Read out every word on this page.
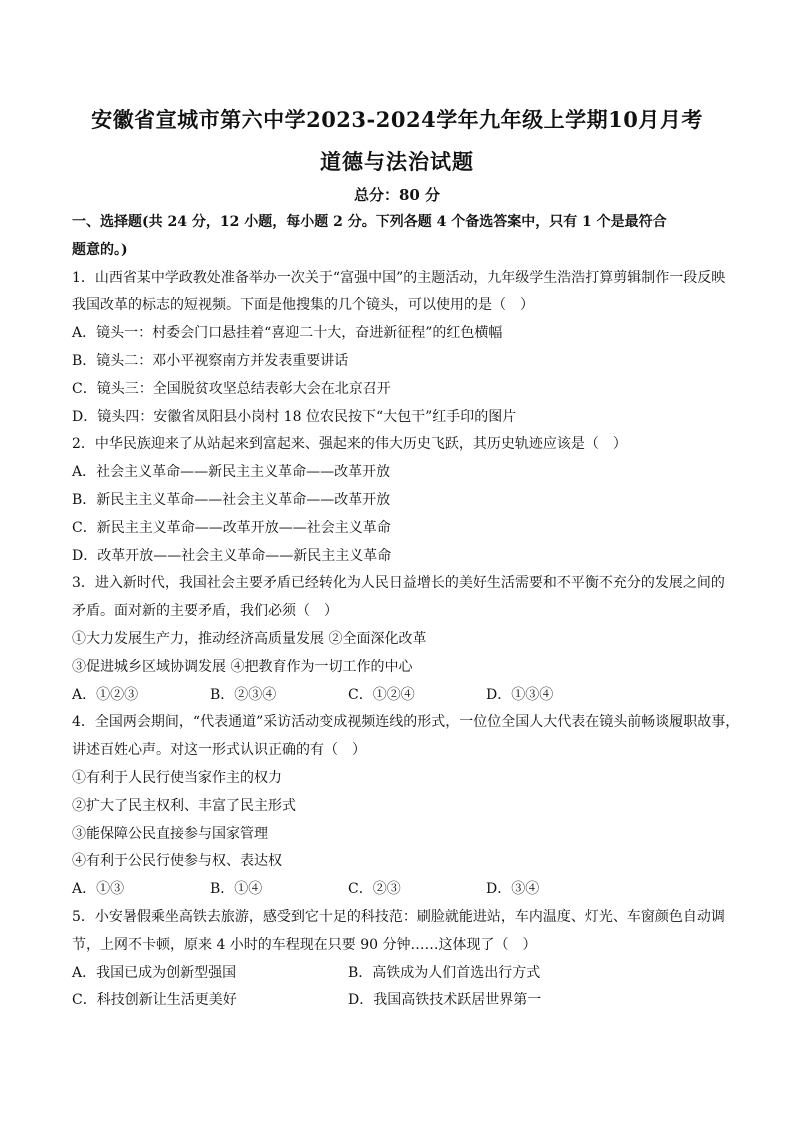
安徽省宣城市第六中学2023-2024学年九年级上学期10月月考
道德与法治试题
总分：80 分
一、选择题(共 24 分，12 小题，每小题 2 分。下列各题 4 个备选答案中，只有 1 个是最符合
题意的。)
1．山西省某中学政教处准备举办一次关于“富强中国”的主题活动，九年级学生浩浩打算剪辑制作一段反映
我国改革的标志的短视频。下面是他搜集的几个镜头，可以使用的是（　）
A．镜头一：村委会门口悬挂着“喜迎二十大，奋进新征程”的红色横幅
B．镜头二：邓小平视察南方并发表重要讲话
C．镜头三：全国脱贫攻坚总结表彰大会在北京召开
D．镜头四：安徽省凤阳县小岗村 18 位农民按下“大包干”红手印的图片
2．中华民族迎来了从站起来到富起来、强起来的伟大历史飞跃，其历史轨迹应该是（　）
A．社会主义革命——新民主主义革命——改革开放
B．新民主主义革命——社会主义革命——改革开放
C．新民主主义革命——改革开放——社会主义革命
D．改革开放——社会主义革命——新民主主义革命
3．进入新时代，我国社会主要矛盾已经转化为人民日益增长的美好生活需要和不平衡不充分的发展之间的
矛盾。面对新的主要矛盾，我们必须（　）
①大力发展生产力，推动经济高质量发展 ②全面深化改革
③促进城乡区域协调发展 ④把教育作为一切工作的中心
A．①②③	B．②③④	C．①②④	D．①③④
4．全国两会期间，“代表通道”采访活动变成视频连线的形式，一位位全国人大代表在镜头前畅谈履职故事，
讲述百姓心声。对这一形式认识正确的有（　）
①有利于人民行使当家作主的权力
②扩大了民主权利、丰富了民主形式
③能保障公民直接参与国家管理
④有利于公民行使参与权、表达权
A．①③	B．①④	C．②③	D．③④
5．小安暑假乘坐高铁去旅游，感受到它十足的科技范：刷脸就能进站，车内温度、灯光、车窗颜色自动调
节，上网不卡顿，原来 4 小时的车程现在只要 90 分钟……这体现了（　）
A．我国已成为创新型强国	B．高铁成为人们首选出行方式
C．科技创新让生活更美好	D．我国高铁技术跃居世界第一
